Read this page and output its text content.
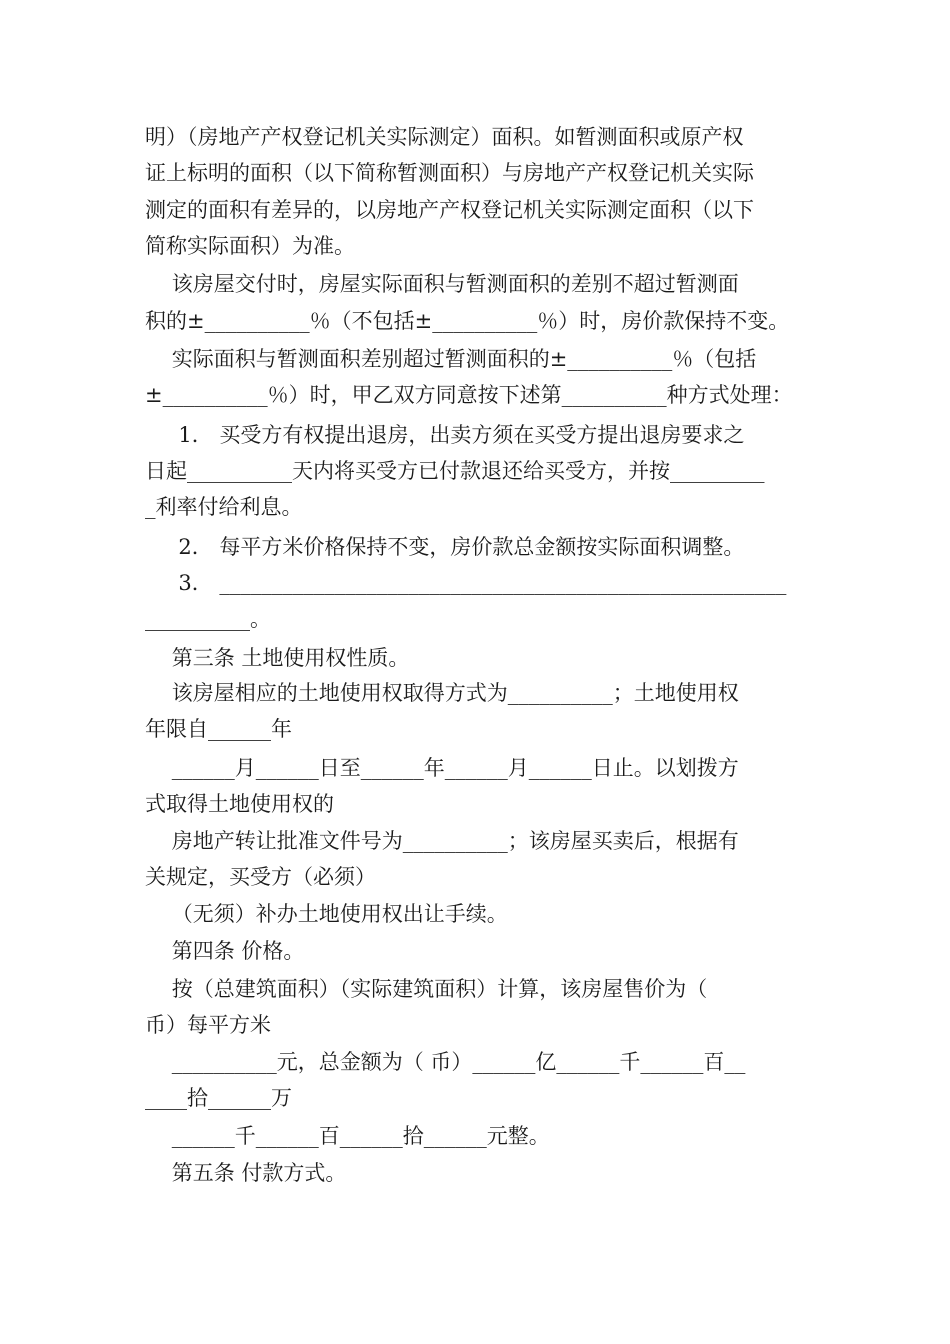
明）（房地产产权登记机关实际测定）面积。如暂测面积或原产权
证上标明的面积（以下简称暂测面积）与房地产产权登记机关实际
测定的面积有差异的，以房地产产权登记机关实际测定面积（以下
简称实际面积）为准。
该房屋交付时，房屋实际面积与暂测面积的差别不超过暂测面
积的±__________％（不包括±__________％）时，房价款保持不变。
实际面积与暂测面积差别超过暂测面积的±__________％（包括
±__________％）时，甲乙双方同意按下述第__________种方式处理：
1． 买受方有权提出退房，出卖方须在买受方提出退房要求之
日起__________天内将买受方已付款退还给买受方，并按_________
_利率付给利息。
2． 每平方米价格保持不变，房价款总金额按实际面积调整。
3． ______________________________________________________
__________。
第三条 土地使用权性质。
该房屋相应的土地使用权取得方式为__________；土地使用权
年限自______年
______月______日至______年______月______日止。以划拨方
式取得土地使用权的
房地产转让批准文件号为__________；该房屋买卖后，根据有
关规定，买受方（必须）
（无须）补办土地使用权出让手续。
第四条 价格。
按（总建筑面积）（实际建筑面积）计算，该房屋售价为（
币）每平方米
__________元，总金额为（ 币）______亿______千______百__
____拾______万
______千______百______拾______元整。
第五条 付款方式。
